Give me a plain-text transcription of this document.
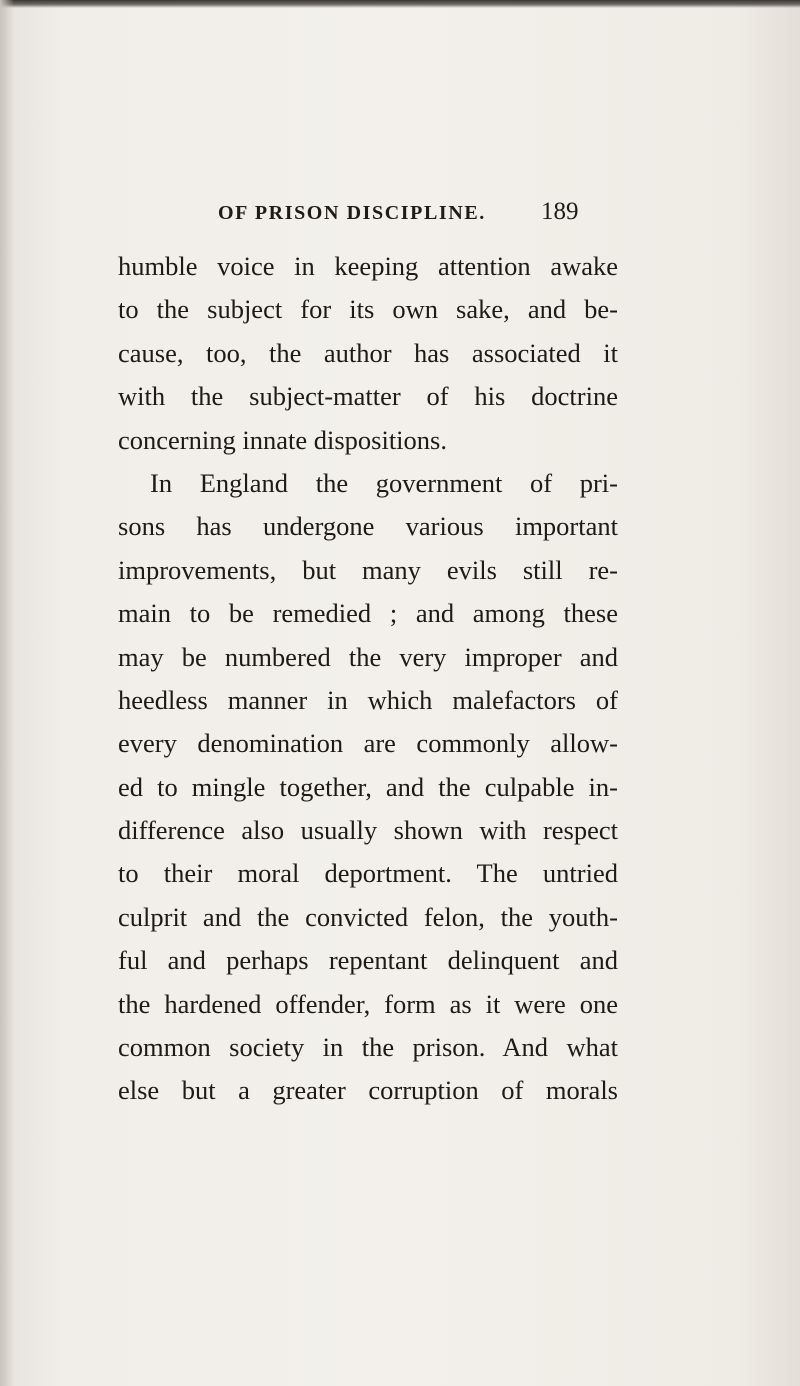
OF PRISON DISCIPLINE. 189
humble voice in keeping attention awake
to the subject for its own sake, and be-
cause, too, the author has associated it
with the subject-matter of his doctrine
concerning innate dispositions.
In England the government of pri-
sons has undergone various important
improvements, but many evils still re-
main to be remedied ; and among these
may be numbered the very improper and
heedless manner in which malefactors of
every denomination are commonly allow-
ed to mingle together, and the culpable in-
difference also usually shown with respect
to their moral deportment. The untried
culprit and the convicted felon, the youth-
ful and perhaps repentant delinquent and
the hardened offender, form as it were one
common society in the prison. And what
else but a greater corruption of morals
